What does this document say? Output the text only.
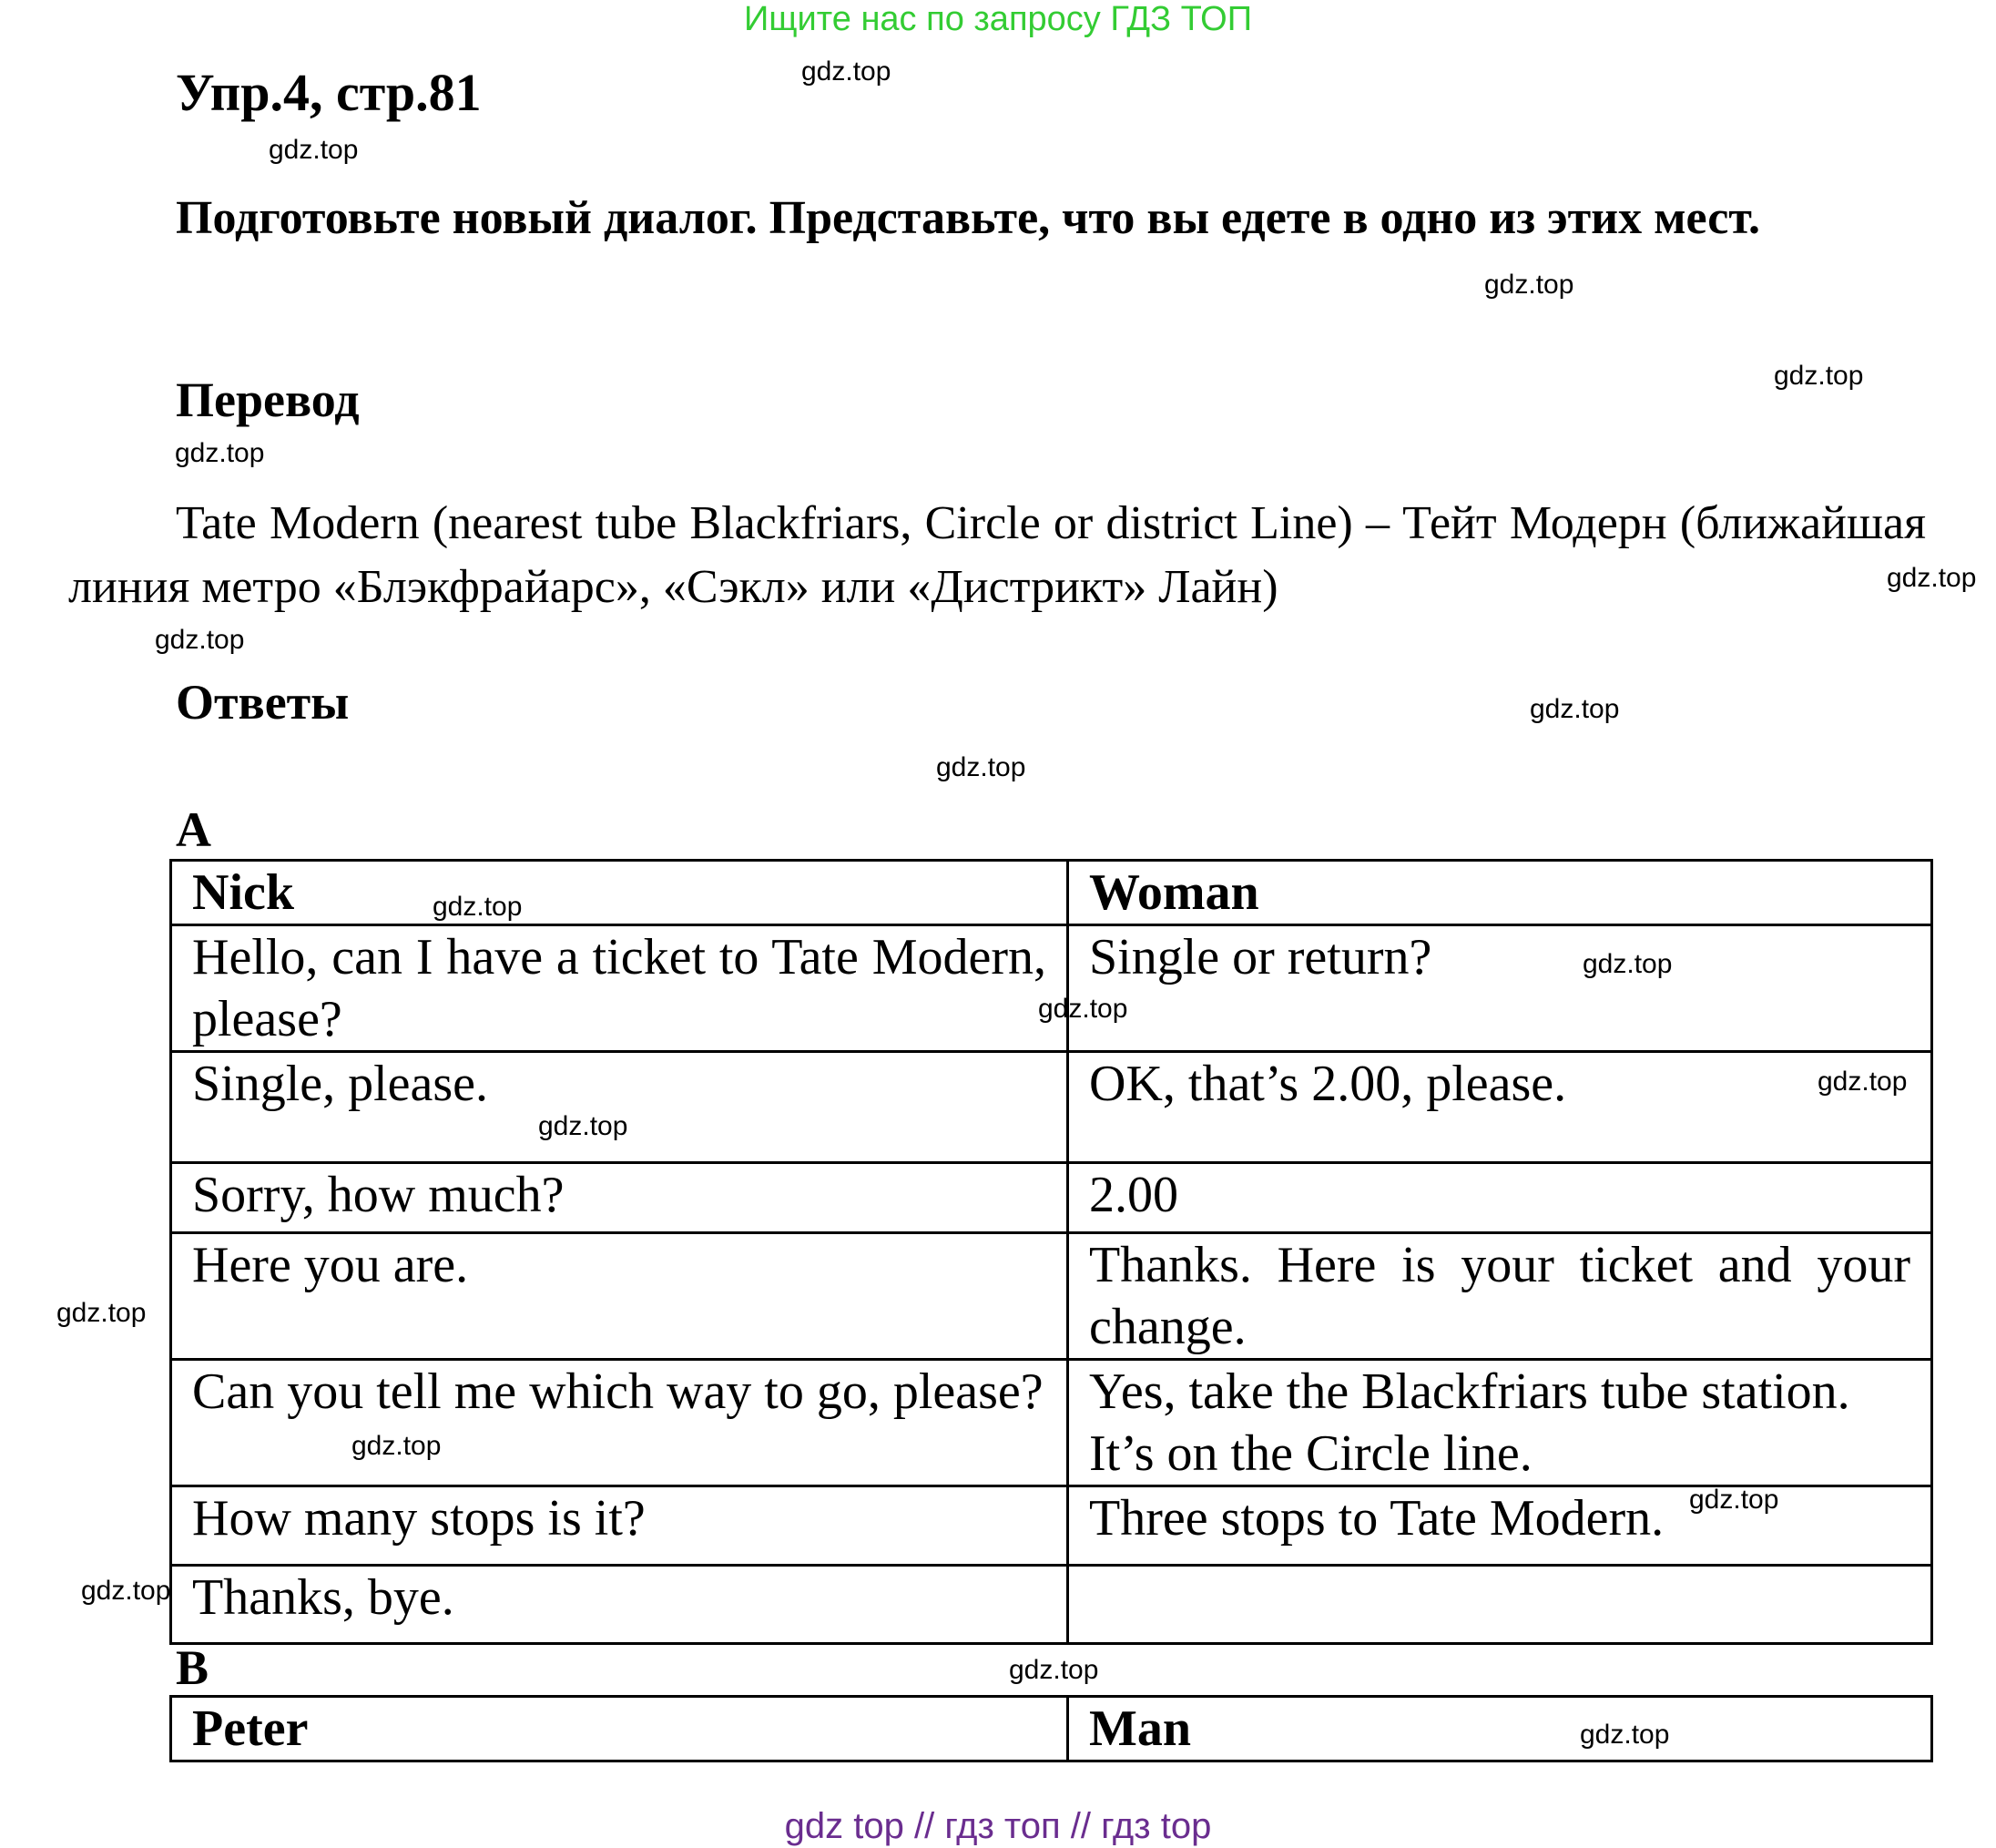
Ищите нас по запросу ГДЗ ТОП
Упр.4, стр.81
Подготовьте новый диалог. Представьте, что вы едете в одно из этих мест.
Перевод
Tate Modern (nearest tube Blackfriars, Circle or district Line) – Тейт Модерн (ближайшая линия метро «Блэкфрайарс», «Сэкл» или «Дистрикт» Лайн)
Ответы
A
Nick	Woman
Hello, can I have a ticket to Tate Modern, please?	Single or return?
Single, please.	OK, that’s 2.00, please.
Sorry, how much?	2.00
Here you are.	Thanks. Here is your ticket and your change.
Can you tell me which way to go, please?	Yes, take the Blackfriars tube station. It’s on the Circle line.
How many stops is it?	Three stops to Tate Modern.
Thanks, bye.	
B
Peter	Man
gdz.top
gdz.top
gdz.top
gdz.top
gdz.top
gdz.top
gdz.top
gdz.top
gdz.top
gdz.top
gdz.top
gdz.top
gdz.top
gdz.top
gdz.top
gdz.top
gdz.top
gdz.top
gdz.top
gdz.top
gdz top // гдз топ // гдз top
